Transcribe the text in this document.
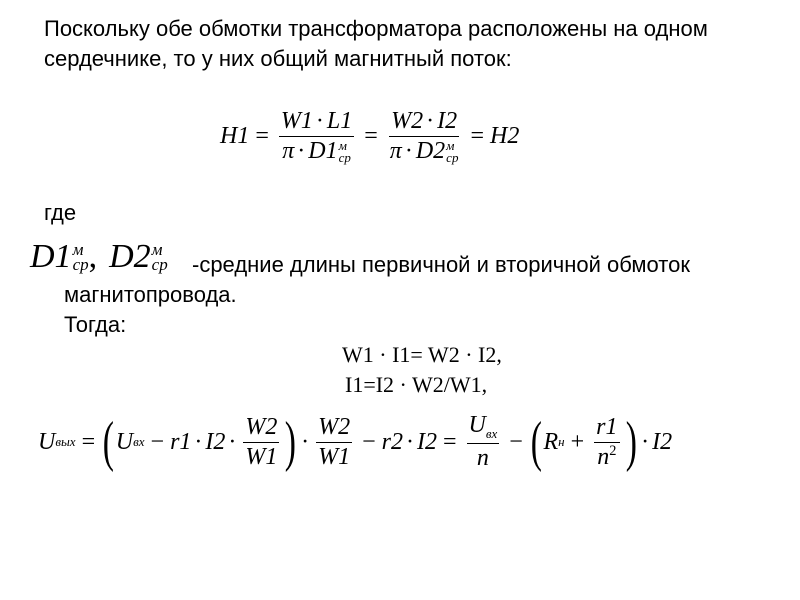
Поскольку обе обмотки трансформатора расположены на одном сердечнике, то у них общий магнитный поток:
H1 = W1 · L1
π · D1 м
ср = W2 · I2
π · D2 м
ср = H2
где
D1 м
ср , D2 м
ср -средние длины первичной и вторичной обмоток
магнитопровода.
Тогда:
W1 · I1= W2 · I2,
I1=I2 · W2/W1,
U вых = ( U вх − $r1 \cdot I2 \cdot \frac{W2}{W1}$ ) · $\frac{W2}{W1} - r2 \cdot I2 = \frac{U_{вх}}{n}$ − ( R $н + \frac{r1}{n^2}$ ) · I2
